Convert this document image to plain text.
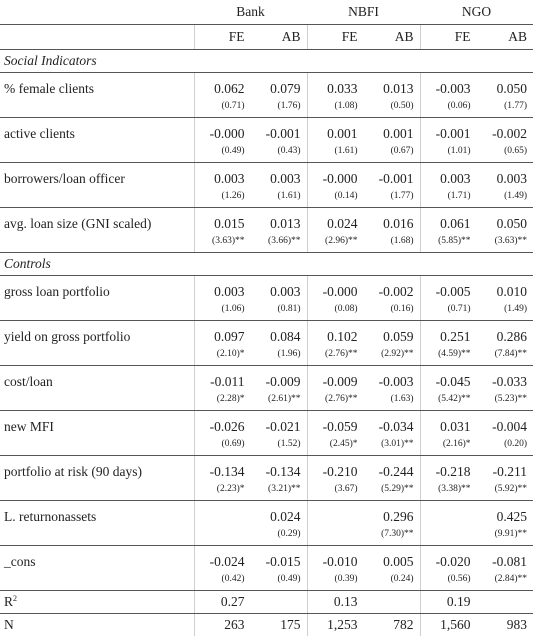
	Bank		NBFI		NGO	
	FE	AB	FE	AB	FE	AB
Social Indicators						
% female clients	0.062	0.079	0.033	0.013	-0.003	0.050
	(0.71)	(1.76)	(1.08)	(0.50)	(0.06)	(1.77)
active clients	-0.000	-0.001	0.001	0.001	-0.001	-0.002
	(0.49)	(0.43)	(1.61)	(0.67)	(1.01)	(0.65)
borrowers/loan officer	0.003	0.003	-0.000	-0.001	0.003	0.003
	(1.26)	(1.61)	(0.14)	(1.77)	(1.71)	(1.49)
avg. loan size (GNI scaled)	0.015	0.013	0.024	0.016	0.061	0.050
	(3.63)**	(3.66)**	(2.96)**	(1.68)	(5.85)**	(3.63)**
Controls						
gross loan portfolio	0.003	0.003	-0.000	-0.002	-0.005	0.010
	(1.06)	(0.81)	(0.08)	(0.16)	(0.71)	(1.49)
yield on gross portfolio	0.097	0.084	0.102	0.059	0.251	0.286
	(2.10)*	(1.96)	(2.76)**	(2.92)**	(4.59)**	(7.84)**
cost/loan	-0.011	-0.009	-0.009	-0.003	-0.045	-0.033
	(2.28)*	(2.61)**	(2.76)**	(1.63)	(5.42)**	(5.23)**
new MFI	-0.026	-0.021	-0.059	-0.034	0.031	-0.004
	(0.69)	(1.52)	(2.45)*	(3.01)**	(2.16)*	(0.20)
portfolio at risk (90 days)	-0.134	-0.134	-0.210	-0.244	-0.218	-0.211
	(2.23)*	(3.21)**	(3.67)	(5.29)**	(3.38)**	(5.92)**
L. returnonassets		0.024		0.296		0.425
		(0.29)		(7.30)**		(9.91)**
_cons	-0.024	-0.015	-0.010	0.005	-0.020	-0.081
	(0.42)	(0.49)	(0.39)	(0.24)	(0.56)	(2.84)**
$R^2$	0.27		0.13		0.19	
N	263	175	1,253	782	1,560	983
